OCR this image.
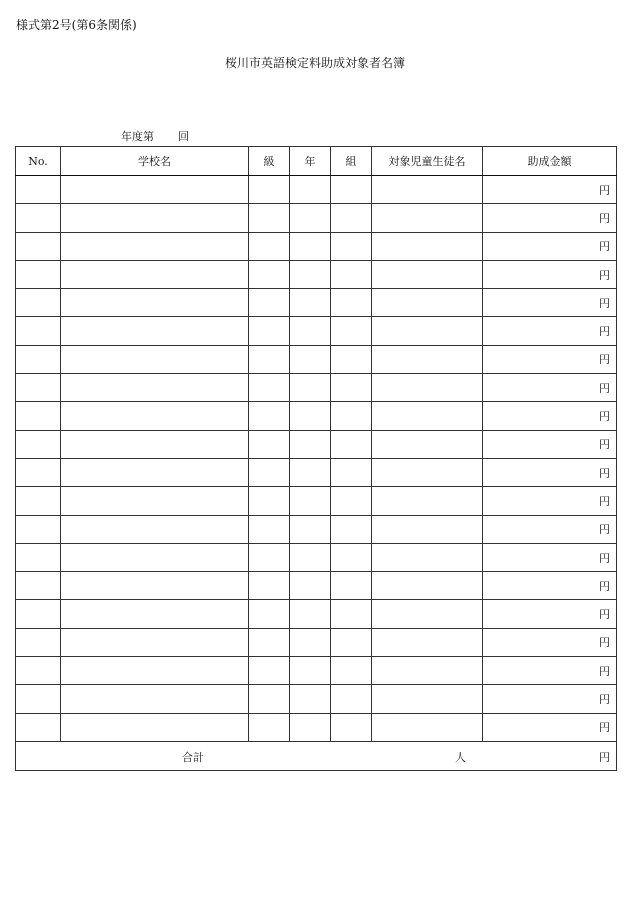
様式第2号(第6条関係)
桜川市英語検定料助成対象者名簿
年度第 回
No.	学校名	級	年	組	対象児童生徒名	助成金額
						円
						円
						円
						円
						円
						円
						円
						円
						円
						円
						円
						円
						円
						円
						円
						円
						円
						円
						円
						円

合計 人 円						
